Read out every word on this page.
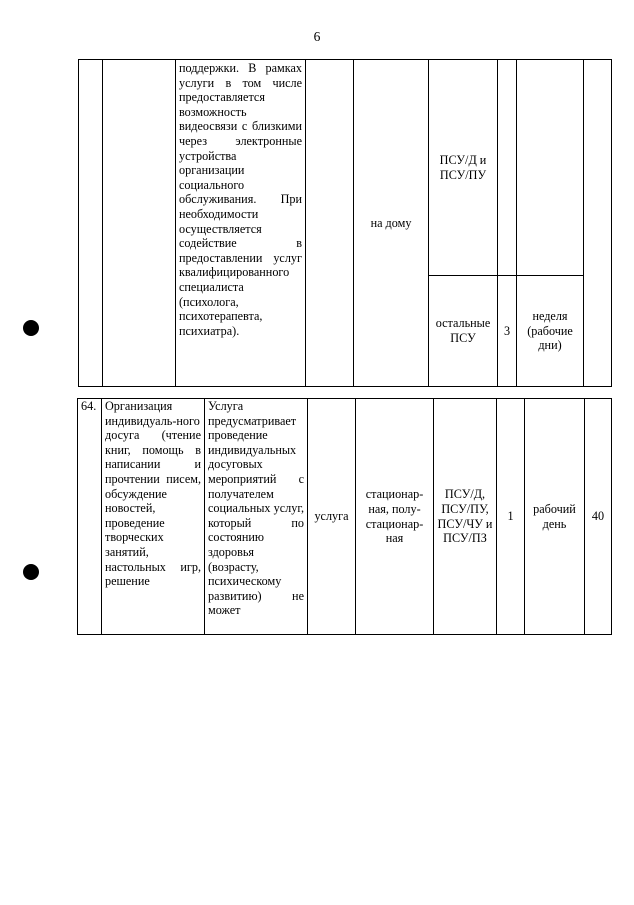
6
		поддержки. В рамках услуги в том числе предоставляется возможность видеосвязи с близкими через электронные устройства организации социального обслуживания. При необходимости осуществляется содействие в предоставлении услуг квалифицированного специалиста (психолога, психотерапевта, психиатра).		на дому	ПСУ/Д и ПСУ/ПУ			
					остальные ПСУ	3	неделя (рабочие дни)	
64.	Организация индивидуаль-ного досуга (чтение книг, помощь в написании и прочтении писем, обсуждение новостей, проведение творческих занятий, настольных игр, решение	Услуга предусматривает проведение индивидуальных досуговых мероприятий с получателем социальных услуг, который по состоянию здоровья (возрасту, психическому развитию) не может	услуга	стационар-ная, полу-стационар-ная	ПСУ/Д, ПСУ/ПУ, ПСУ/ЧУ и ПСУ/ПЗ	1	рабочий день	40
